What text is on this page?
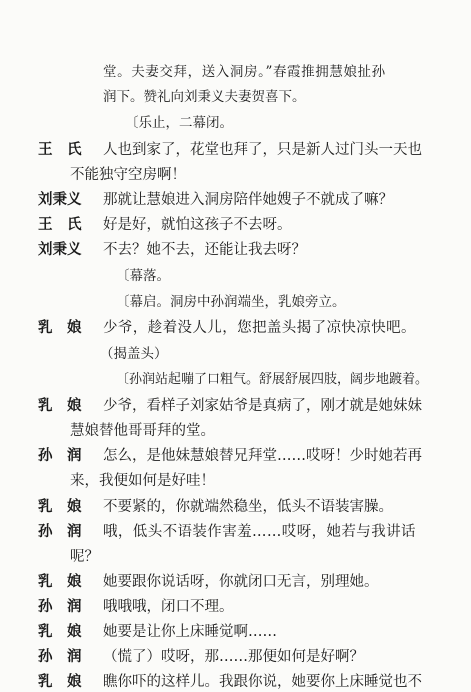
堂。夫妻交拜，送入洞房。”春霞推拥慧娘扯孙
润下。赞礼向刘秉义夫妻贺喜下。
〔乐止，二幕闭。
王　氏 人也到家了，花堂也拜了，只是新人过门头一天也
不能独守空房啊！
刘秉义 那就让慧娘进入洞房陪伴她嫂子不就成了嘛？
王　氏 好是好，就怕这孩子不去呀。
刘秉义 不去？她不去，还能让我去呀？
〔幕落。
〔幕启。洞房中孙润端坐，乳娘旁立。
乳　娘 少爷，趁着没人儿，您把盖头揭了凉快凉快吧。
（揭盖头）
〔孙润站起嘣了口粗气。舒展舒展四肢，阔步地踱着。
乳　娘 少爷，看样子刘家姑爷是真病了，刚才就是她妹妹
慧娘替他哥哥拜的堂。
孙　润 怎么，是他妹慧娘替兄拜堂……哎呀！少时她若再
来，我便如何是好哇！
乳　娘 不要紧的，你就端然稳坐，低头不语装害臊。
孙　润 哦，低头不语装作害羞……哎呀，她若与我讲话
呢？
乳　娘 她要跟你说话呀，你就闭口无言，别理她。
孙　润 哦哦哦，闭口不理。
乳　娘 她要是让你上床睡觉啊……
孙　润 （慌了）哎呀，那……那便如何是好啊？
乳　娘 瞧你吓的这样儿。我跟你说，她要你上床睡觉也不
